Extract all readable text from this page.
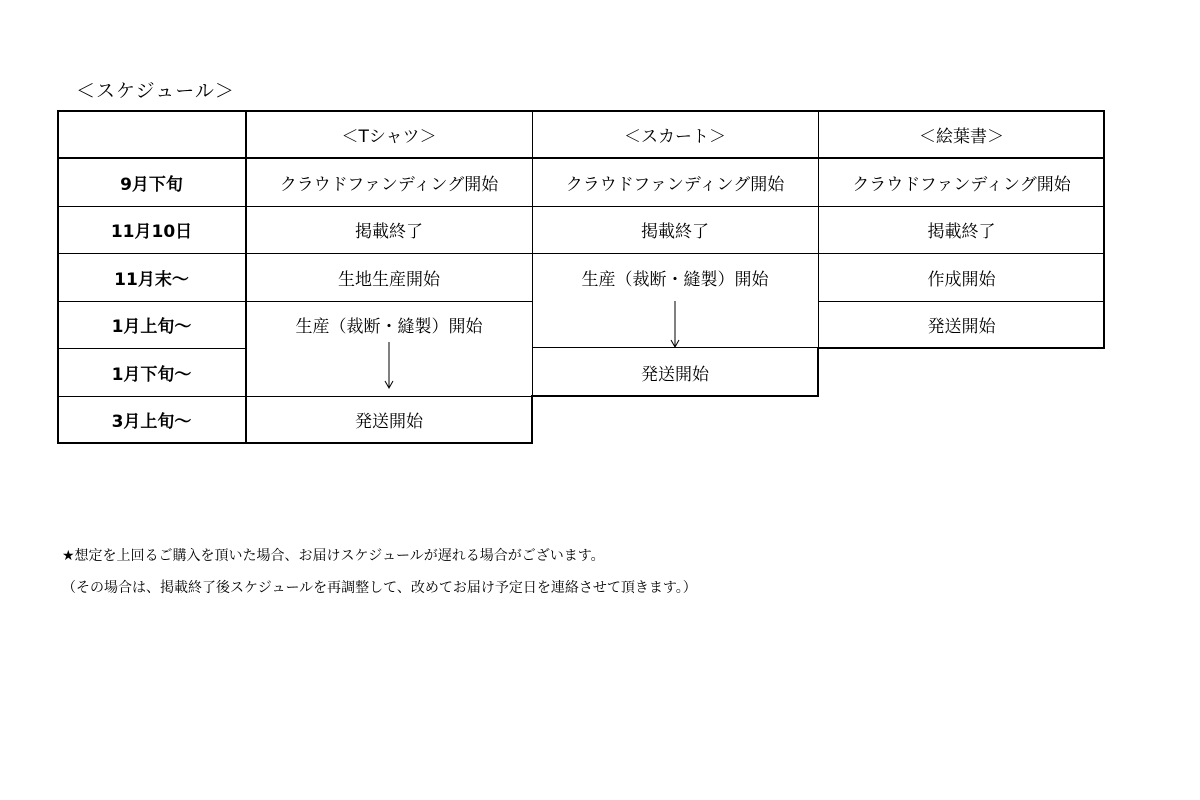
＜スケジュール＞
＜Tシャツ＞	＜スカート＞	＜絵葉書＞
9月下旬
11月10日
11月末～
1月上旬～
1月下旬～
3月上旬～
クラウドファンディング開始
掲載終了
生地生産開始
生産（裁断・縫製）開始
発送開始
クラウドファンディング開始
掲載終了
生産（裁断・縫製）開始
発送開始
クラウドファンディング開始
掲載終了
作成開始
発送開始
★想定を上回るご購入を頂いた場合、お届けスケジュールが遅れる場合がございます。
（その場合は、掲載終了後スケジュールを再調整して、改めてお届け予定日を連絡させて頂きます。）
